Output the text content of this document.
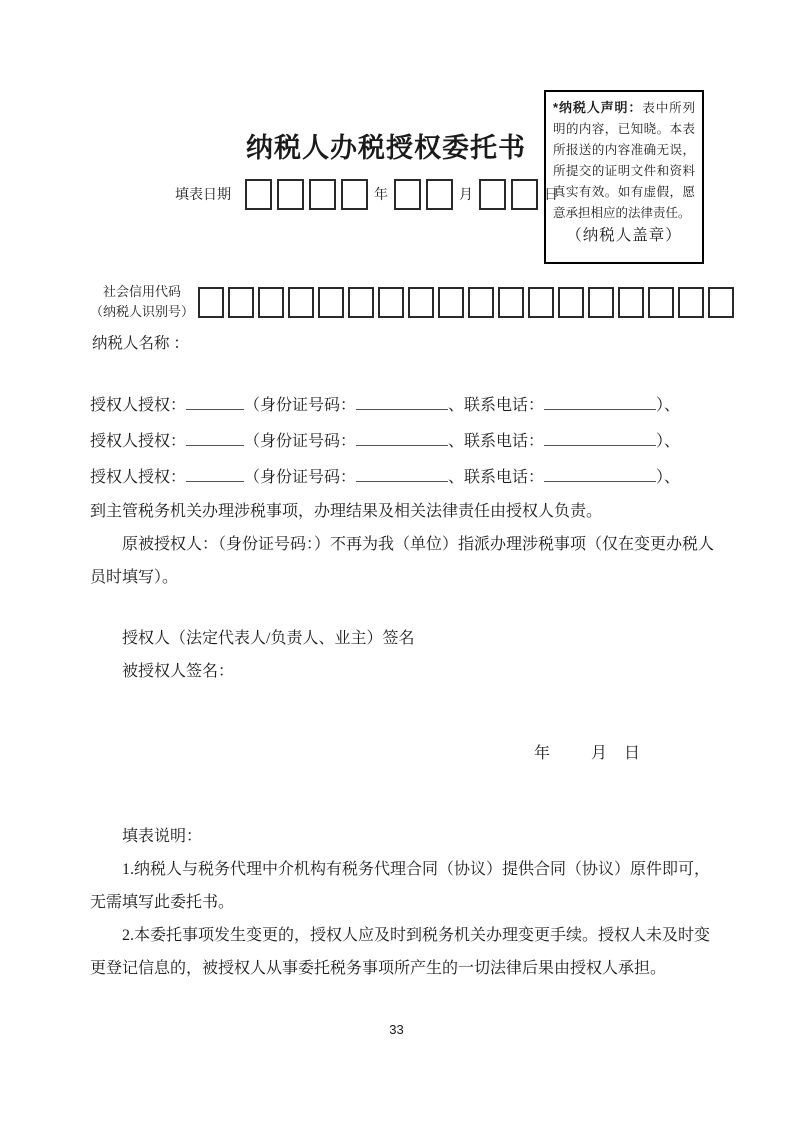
*纳税人声明：表中所列明的内容，已知晓。本表所报送的内容准确无误，所提交的证明文件和资料真实有效。如有虚假，愿意承担相应的法律责任。
（纳税人盖章）
纳税人办税授权委托书
填表日期	年	月	日
社会信用代码
（纳税人识别号）
纳税人名称 ：
授权人授权：	（身份证号码：	、联系电话：	）、
授权人授权：	（身份证号码：	、联系电话：	）、
授权人授权：	（身份证号码：	、联系电话：	）、
到主管税务机关办理涉税事项，办理结果及相关法律责任由授权人负责。
原被授权人：（身份证号码：）不再为我（单位）指派办理涉税事项（仅在变更办税人员时填写）。
授权人（法定代表人/负责人、业主）签名
被授权人签名：
年	月 日
填表说明：
1.纳税人与税务代理中介机构有税务代理合同（协议）提供合同（协议）原件即可，无需填写此委托书。
2.本委托事项发生变更的，授权人应及时到税务机关办理变更手续。授权人未及时变更登记信息的，被授权人从事委托税务事项所产生的一切法律后果由授权人承担。
33
